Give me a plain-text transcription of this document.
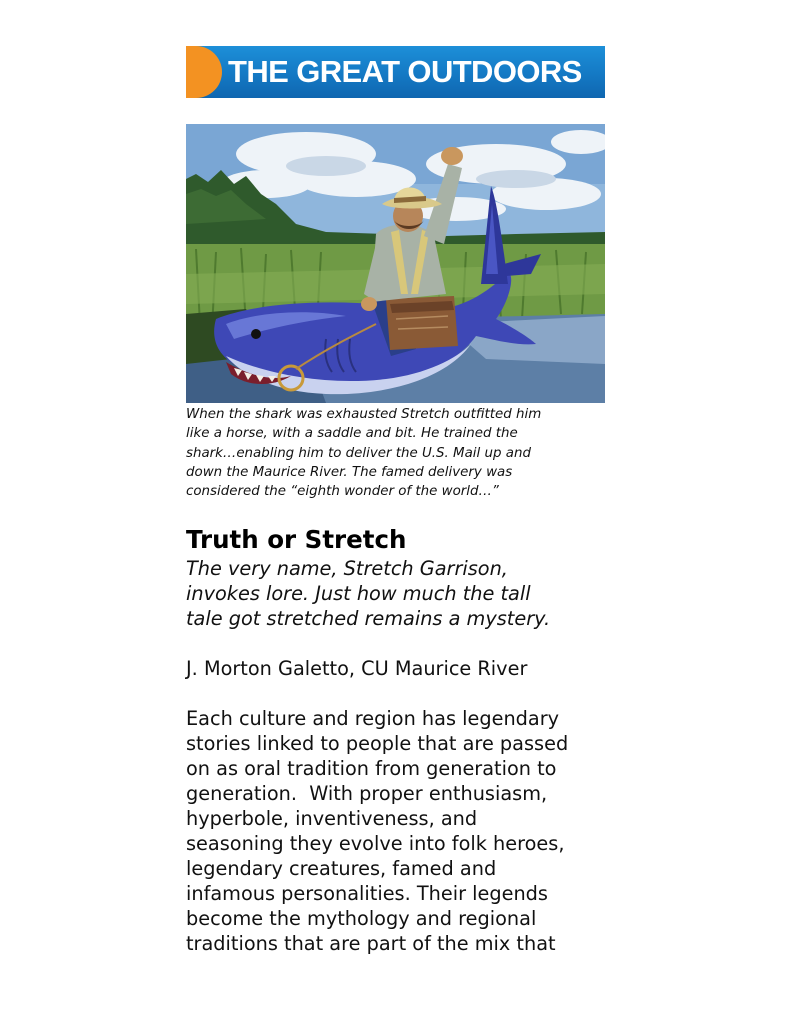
THE GREAT OUTDOORS
When the shark was exhausted Stretch outfitted him
like a horse, with a saddle and bit. He trained the
shark…enabling him to deliver the U.S. Mail up and
down the Maurice River. The famed delivery was
considered the “eighth wonder of the world…”
Truth or Stretch
The very name, Stretch Garrison,
invokes lore. Just how much the tall
tale got stretched remains a mystery.
J. Morton Galetto, CU Maurice River
Each culture and region has legendary
stories linked to people that are passed
on as oral tradition from generation to
generation.  With proper enthusiasm,
hyperbole, inventiveness, and
seasoning they evolve into folk heroes,
legendary creatures, famed and
infamous personalities. Their legends
become the mythology and regional
traditions that are part of the mix that
